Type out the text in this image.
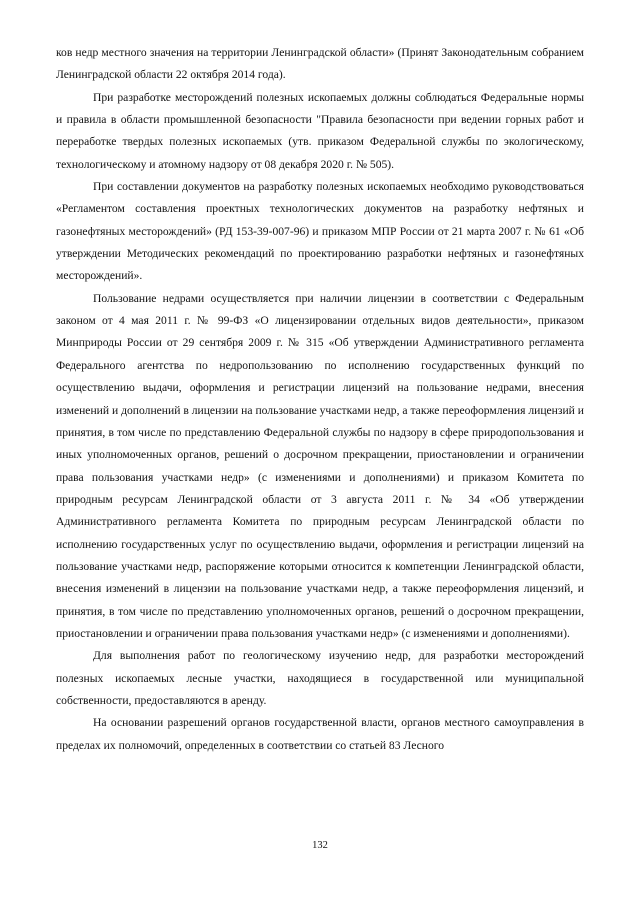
ков недр местного значения на территории Ленинградской области» (Принят Законодательным собранием Ленинградской области 22 октября 2014 года).

При разработке месторождений полезных ископаемых должны соблюдаться Федеральные нормы и правила в области промышленной безопасности "Правила безопасности при ведении горных работ и переработке твердых полезных ископаемых (утв. приказом Федеральной службы по экологическому, технологическому и атомному надзору от 08 декабря 2020 г. № 505).

При составлении документов на разработку полезных ископаемых необходимо руководствоваться «Регламентом составления проектных технологических документов на разработку нефтяных и газонефтяных месторождений» (РД 153-39-007-96) и приказом МПР России от 21 марта 2007 г. № 61 «Об утверждении Методических рекомендаций по проектированию разработки нефтяных и газонефтяных месторождений».

Пользование недрами осуществляется при наличии лицензии в соответствии с Федеральным законом от 4 мая 2011 г. № 99-ФЗ «О лицензировании отдельных видов деятельности», приказом Минприроды России от 29 сентября 2009 г. № 315 «Об утверждении Административного регламента Федерального агентства по недропользованию по исполнению государственных функций по осуществлению выдачи, оформления и регистрации лицензий на пользование недрами, внесения изменений и дополнений в лицензии на пользование участками недр, а также переоформления лицензий и принятия, в том числе по представлению Федеральной службы по надзору в сфере природопользования и иных уполномоченных органов, решений о досрочном прекращении, приостановлении и ограничении права пользования участками недр» (с изменениями и дополнениями) и приказом Комитета по природным ресурсам Ленинградской области от 3 августа 2011 г. № 34 «Об утверждении Административного регламента Комитета по природным ресурсам Ленинградской области по исполнению государственных услуг по осуществлению выдачи, оформления и регистрации лицензий на пользование участками недр, распоряжение которыми относится к компетенции Ленинградской области, внесения изменений в лицензии на пользование участками недр, а также переоформления лицензий, и принятия, в том числе по представлению уполномоченных органов, решений о досрочном прекращении, приостановлении и ограничении права пользования участками недр» (с изменениями и дополнениями).

Для выполнения работ по геологическому изучению недр, для разработки месторождений полезных ископаемых лесные участки, находящиеся в государственной или муниципальной собственности, предоставляются в аренду.

На основании разрешений органов государственной власти, органов местного самоуправления в пределах их полномочий, определенных в соответствии со статьей 83 Лесного

132
